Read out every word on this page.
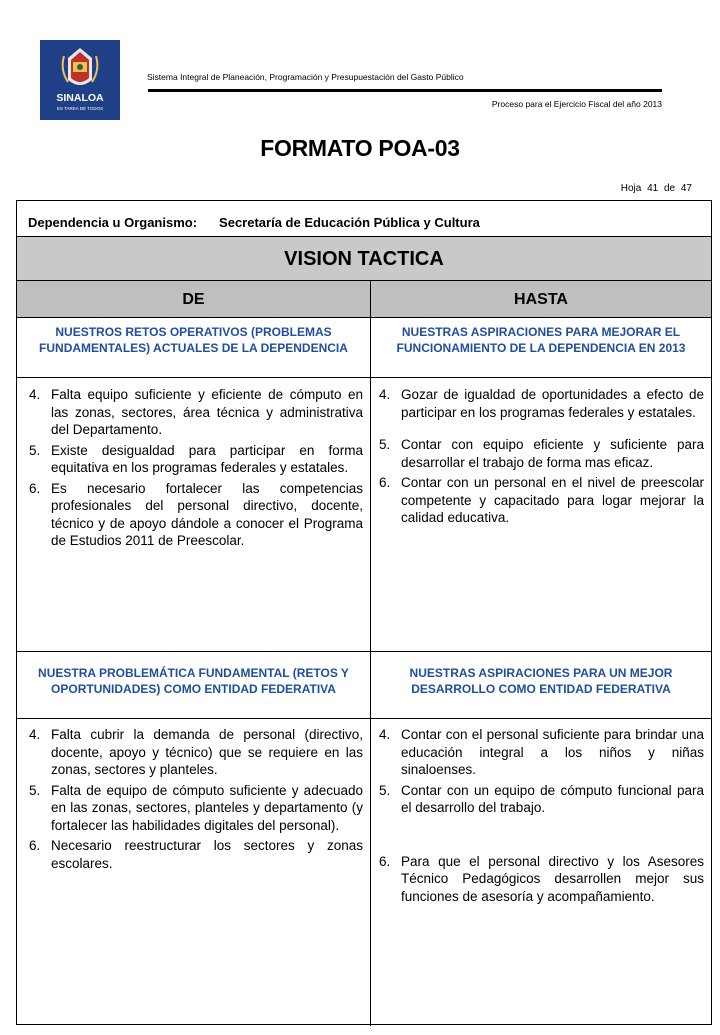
SINALOA
ES TAREA DE TODOS
Sistema Integral de Planeación, Programación y Presupuestación del Gasto Público
Proceso para el Ejercicio Fiscal del año 2013
FORMATO POA-03
Hoja 41 de 47
Dependencia u Organismo: Secretaría de Educación Pública y Cultura
VISION TACTICA
DE	HASTA
NUESTROS RETOS OPERATIVOS (PROBLEMAS FUNDAMENTALES) ACTUALES DE LA DEPENDENCIA
NUESTRAS ASPIRACIONES PARA MEJORAR EL FUNCIONAMIENTO DE LA DEPENDENCIA EN 2013
4. Falta equipo suficiente y eficiente de cómputo en las zonas, sectores, área técnica y administrativa del Departamento.
5. Existe desigualdad para participar en forma equitativa en los programas federales y estatales.
6. Es necesario fortalecer las competencias profesionales del personal directivo, docente, técnico y de apoyo dándole a conocer el Programa de Estudios 2011 de Preescolar.
4. Gozar de igualdad de oportunidades a efecto de participar en los programas federales y estatales.
5. Contar con equipo eficiente y suficiente para desarrollar el trabajo de forma mas eficaz.
6. Contar con un personal en el nivel de preescolar competente y capacitado para logar mejorar la calidad educativa.
NUESTRA PROBLEMÁTICA FUNDAMENTAL (RETOS Y OPORTUNIDADES) COMO ENTIDAD FEDERATIVA
NUESTRAS ASPIRACIONES PARA UN MEJOR DESARROLLO COMO ENTIDAD FEDERATIVA
4. Falta cubrir la demanda de personal (directivo, docente, apoyo y técnico) que se requiere en las zonas, sectores y planteles.
5. Falta de equipo de cómputo suficiente y adecuado en las zonas, sectores, planteles y departamento (y fortalecer las habilidades digitales del personal).
6. Necesario reestructurar los sectores y zonas escolares.
4. Contar con el personal suficiente para brindar una educación integral a los niños y niñas sinaloenses.
5. Contar con un equipo de cómputo funcional para el desarrollo del trabajo.
6. Para que el personal directivo y los Asesores Técnico Pedagógicos desarrollen mejor sus funciones de asesoría y acompañamiento.
